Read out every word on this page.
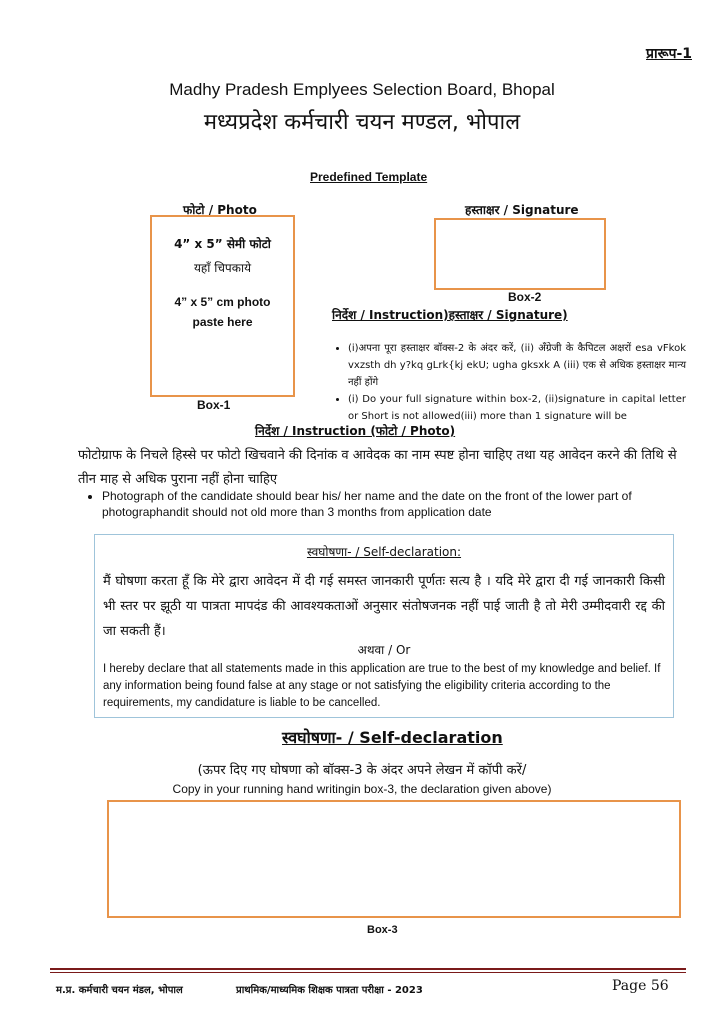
प्रारूप-1
Madhy Pradesh Emplyees Selection Board, Bhopal
मध्यप्रदेश कर्मचारी चयन मण्डल, भोपाल
Predefined Template
फोटो / Photo
4” x 5” सेमी फोटो
यहाँ चिपकाये
4” x 5” cm photo
paste here
Box-1
हस्ताक्षर / Signature
Box-2
निर्देश / Instruction)हस्ताक्षर / Signature)
• (i)अपना पूरा हस्ताक्षर बॉक्स-2 के अंदर करें, (ii) अँग्रेजी के कैपिटल अक्षरों esa vFkok vxzsth dh y?kq gLrk{kj ekU; ugha gksxk A (iii) एक से अधिक हस्ताक्षर मान्य नहीं होंगे
• (i) Do your full signature within box-2, (ii)signature in capital letter or Short is not allowed(iii) more than 1 signature will be
निर्देश / Instruction (फोटो / Photo)
फोटोग्राफ के निचले हिस्से पर फोटो खिचवाने की दिनांक व आवेदक का नाम स्पष्ट होना चाहिए तथा यह आवेदन करने की तिथि से तीन माह से अधिक पुराना नहीं होना चाहिए
• Photograph of the candidate should bear his/ her name and the date on the front of the lower part of photographandit should not old more than 3 months from application date
स्वघोषणा- / Self-declaration:
मैं घोषणा करता हूँ कि मेरे द्वारा आवेदन में दी गई समस्त जानकारी पूर्णतः सत्य है । यदि मेरे द्वारा दी गई जानकारी किसी भी स्तर पर झूठी या पात्रता मापदंड की आवश्यकताओं अनुसार संतोषजनक नहीं पाई जाती है तो मेरी उम्मीदवारी रद्द की जा सकती हैं।
अथवा / Or
I hereby declare that all statements made in this application are true to the best of my knowledge and belief. If any information being found false at any stage or not satisfying the eligibility criteria according to the requirements, my candidature is liable to be cancelled.
स्वघोषणा- / Self-declaration
(ऊपर दिए गए घोषणा को बॉक्स-3 के अंदर अपने लेखन में कॉपी करें/
Copy in your running hand writingin box-3, the declaration given above)
Box-3
म.प्र. कर्मचारी चयन मंडल, भोपाल	प्राथमिक/माध्यमिक शिक्षक पात्रता परीक्षा - 2023	Page 56
